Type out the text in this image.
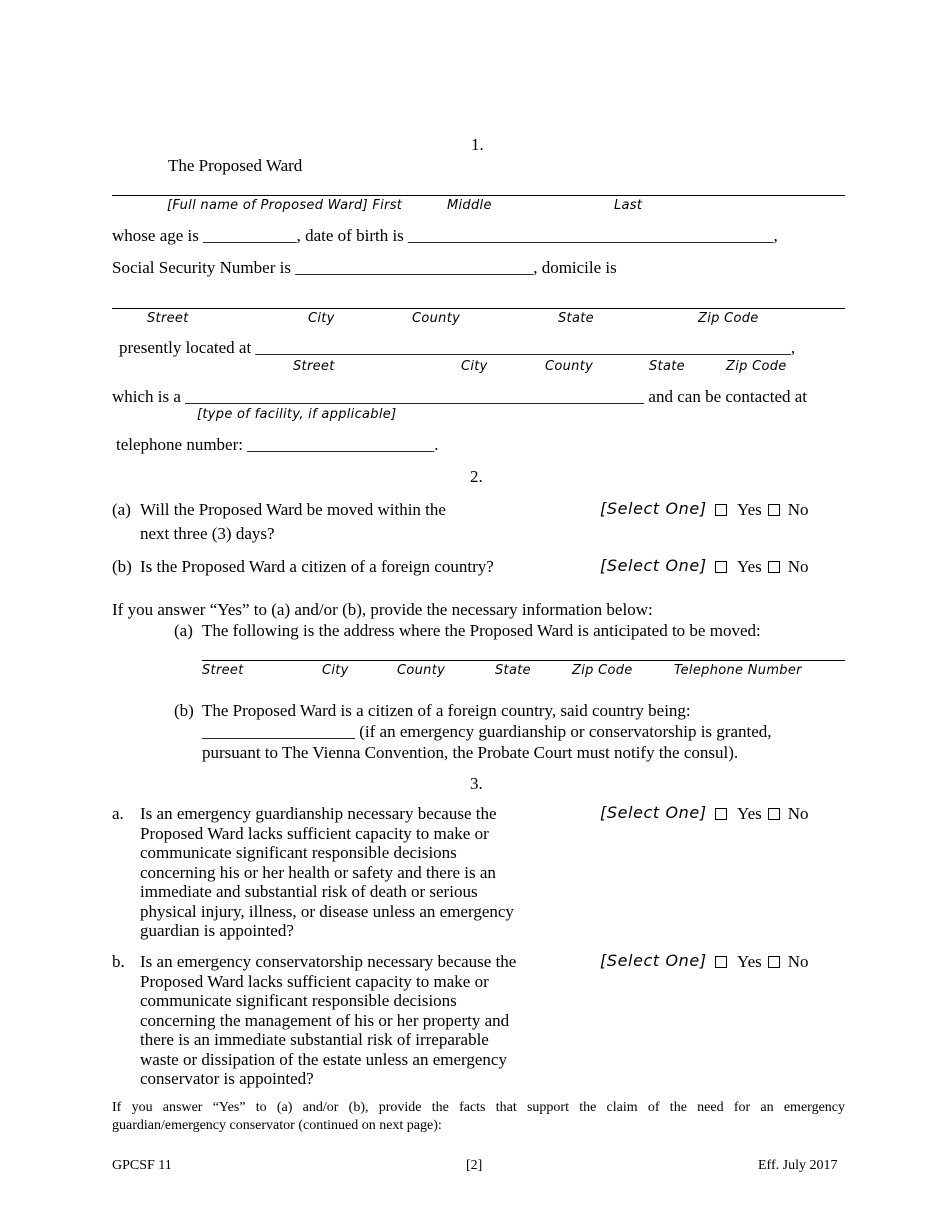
1.
The Proposed Ward
[Full name of Proposed Ward] First	Middle	Last
whose age is ___________, date of birth is ___________________________________________,
Social Security Number is ____________________________, domicile is
Street	City	County	State	Zip Code
presently located at _______________________________________________________________,
Street	City	County	State	Zip Code
which is a ______________________________________________________ and can be contacted at
[type of facility, if applicable]
telephone number: ______________________.
2.
(a) Will the Proposed Ward be moved within the
next three (3) days?
[Select One]	Yes No
(b) Is the Proposed Ward a citizen of a foreign country?	[Select One]	Yes No
If you answer “Yes” to (a) and/or (b), provide the necessary information below:
(a) The following is the address where the Proposed Ward is anticipated to be moved:
Street	City	County	State	Zip Code	Telephone Number
(b) The Proposed Ward is a citizen of a foreign country, said country being:
__________________ (if an emergency guardianship or conservatorship is granted,
pursuant to The Vienna Convention, the Probate Court must notify the consul).
3.
a. Is an emergency guardianship necessary because the
Proposed Ward lacks sufficient capacity to make or
communicate significant responsible decisions
concerning his or her health or safety and there is an
immediate and substantial risk of death or serious
physical injury, illness, or disease unless an emergency
guardian is appointed?
[Select One]	Yes No
b. Is an emergency conservatorship necessary because the
Proposed Ward lacks sufficient capacity to make or
communicate significant responsible decisions
concerning the management of his or her property and
there is an immediate substantial risk of irreparable
waste or dissipation of the estate unless an emergency
conservator is appointed?
[Select One]	Yes No
If you answer “Yes” to (a) and/or (b), provide the facts that support the claim of the need for an emergency
guardian/emergency conservator (continued on next page):
GPCSF 11	[2]	Eff. July 2017
